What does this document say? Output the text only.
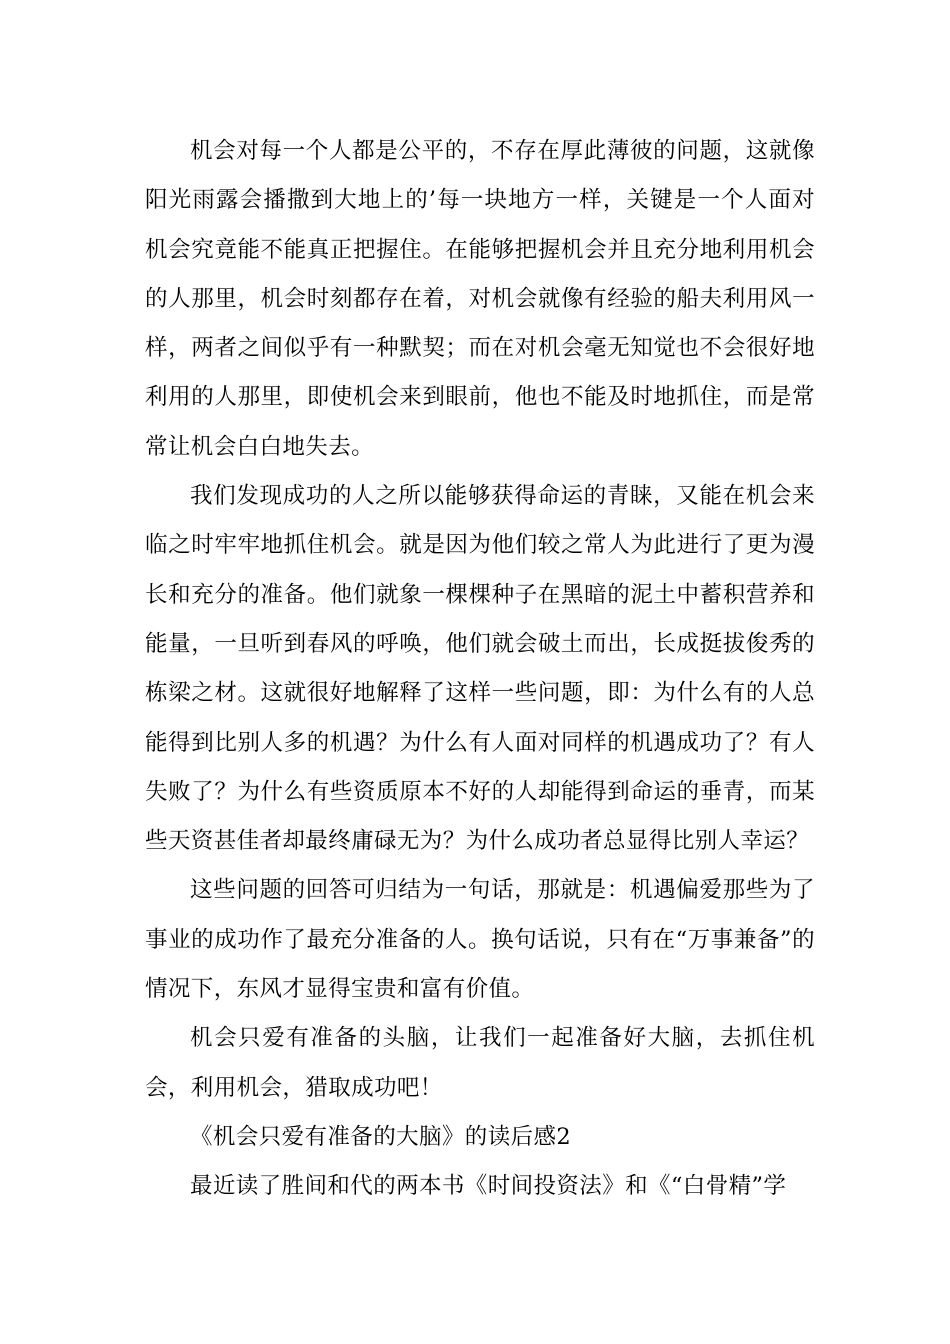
机会对每一个人都是公平的，不存在厚此薄彼的问题，这就像阳光雨露会播撒到大地上的’每一块地方一样，关键是一个人面对机会究竟能不能真正把握住。在能够把握机会并且充分地利用机会的人那里，机会时刻都存在着，对机会就像有经验的船夫利用风一样，两者之间似乎有一种默契；而在对机会毫无知觉也不会很好地利用的人那里，即使机会来到眼前，他也不能及时地抓住，而是常常让机会白白地失去。

我们发现成功的人之所以能够获得命运的青睐，又能在机会来临之时牢牢地抓住机会。就是因为他们较之常人为此进行了更为漫长和充分的准备。他们就象一棵棵种子在黑暗的泥土中蓄积营养和能量，一旦听到春风的呼唤，他们就会破土而出，长成挺拔俊秀的栋梁之材。这就很好地解释了这样一些问题，即：为什么有的人总能得到比别人多的机遇？为什么有人面对同样的机遇成功了？有人失败了？为什么有些资质原本不好的人却能得到命运的垂青，而某些天资甚佳者却最终庸碌无为？为什么成功者总显得比别人幸运？

这些问题的回答可归结为一句话，那就是：机遇偏爱那些为了事业的成功作了最充分准备的人。换句话说，只有在“万事兼备”的情况下，东风才显得宝贵和富有价值。

机会只爱有准备的头脑，让我们一起准备好大脑，去抓住机会，利用机会，猎取成功吧！

《机会只爱有准备的大脑》的读后感2

最近读了胜间和代的两本书《时间投资法》和《“白骨精”学
